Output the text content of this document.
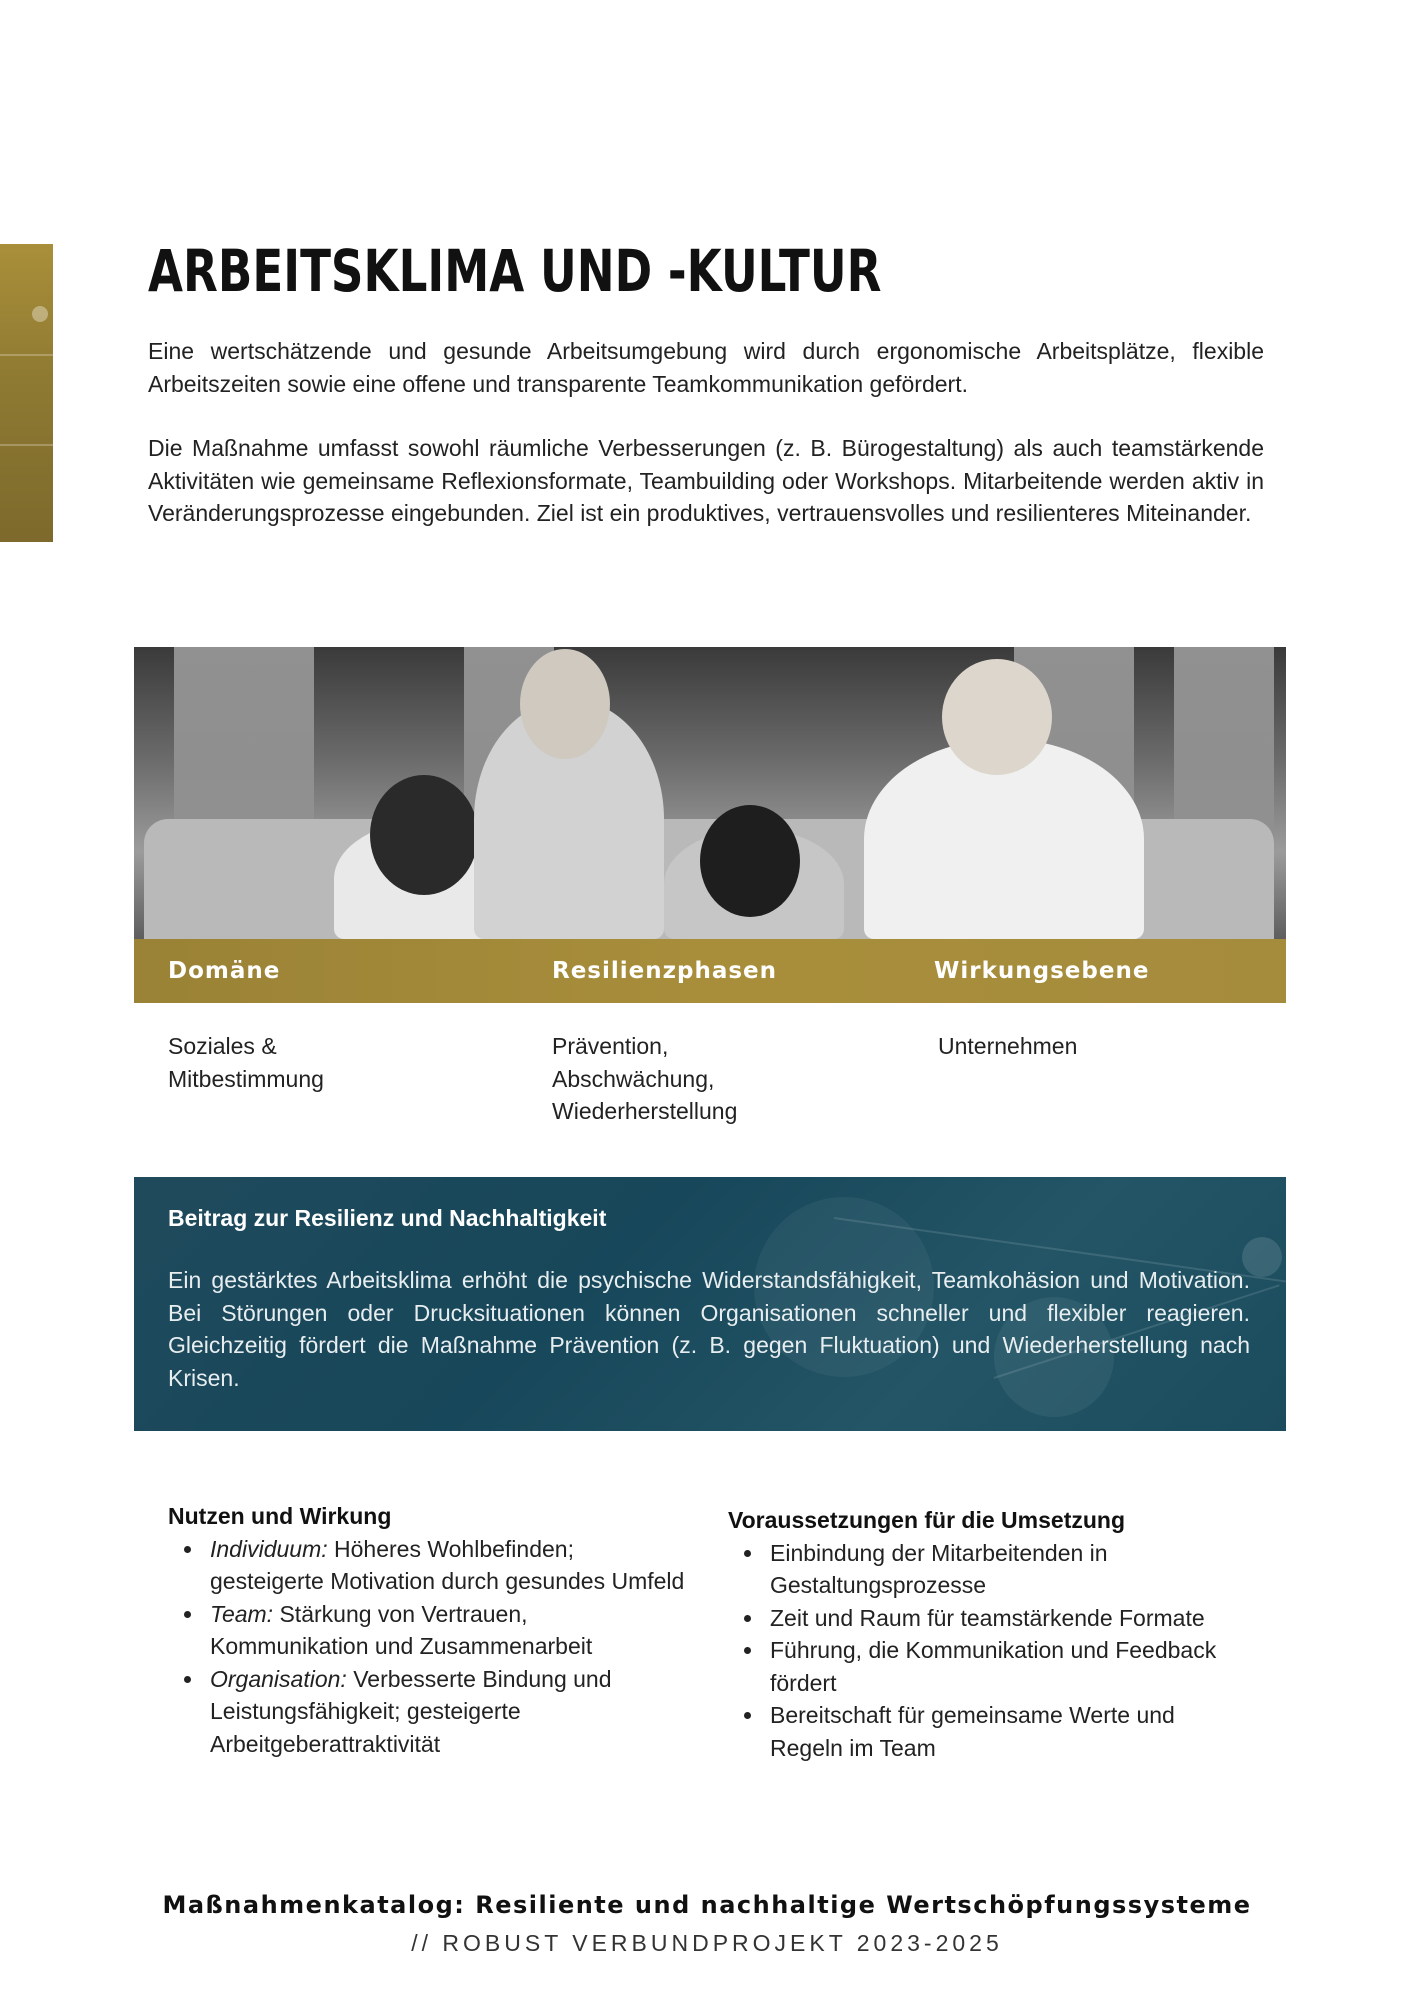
ARBEITSKLIMA UND -KULTUR

Eine wertschätzende und gesunde Arbeitsumgebung wird durch ergonomische Arbeitsplätze, flexible Arbeitszeiten sowie eine offene und transparente Teamkommunikation gefördert.

Die Maßnahme umfasst sowohl räumliche Verbesserungen (z. B. Bürogestaltung) als auch teamstärkende Aktivitäten wie gemeinsame Reflexionsformate, Teambuilding oder Workshops. Mitarbeitende werden aktiv in Veränderungsprozesse eingebunden. Ziel ist ein produktives, vertrauensvolles und resilienteres Miteinander.

Domäne	Resilienzphasen	Wirkungsebene
Soziales &
Mitbestimmung
Prävention,
Abschwächung,
Wiederherstellung
Unternehmen
Beitrag zur Resilienz und Nachhaltigkeit

Ein gestärktes Arbeitsklima erhöht die psychische Widerstandsfähigkeit, Teamkohäsion und Motivation. Bei Störungen oder Drucksituationen können Organisationen schneller und flexibler reagieren. Gleichzeitig fördert die Maßnahme Prävention (z. B. gegen Fluktuation) und Wiederherstellung nach Krisen.

Nutzen und Wirkung
Individuum: Höheres Wohlbefinden; gesteigerte Motivation durch gesundes Umfeld
Team: Stärkung von Vertrauen, Kommunikation und Zusammenarbeit
Organisation: Verbesserte Bindung und Leistungsfähigkeit; gesteigerte Arbeitgeberattraktivität
Voraussetzungen für die Umsetzung
Einbindung der Mitarbeitenden in Gestaltungsprozesse
Zeit und Raum für teamstärkende Formate
Führung, die Kommunikation und Feedback fördert
Bereitschaft für gemeinsame Werte und Regeln im Team
Maßnahmenkatalog: Resiliente und nachhaltige Wertschöpfungssysteme
// ROBUST VERBUNDPROJEKT 2023-2025
